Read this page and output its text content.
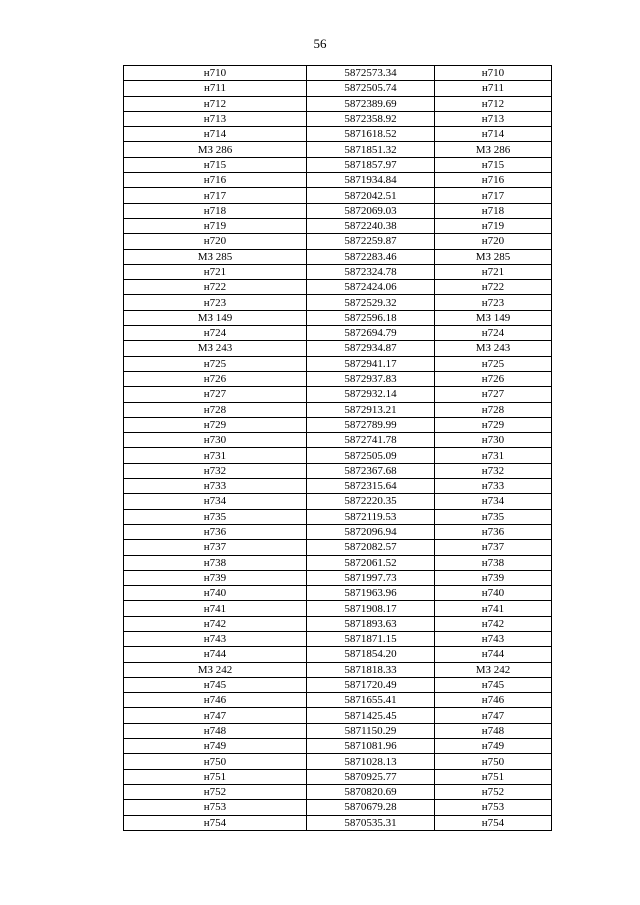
56
н710	5872573.34	н710
н711	5872505.74	н711
н712	5872389.69	н712
н713	5872358.92	н713
н714	5871618.52	н714
МЗ 286	5871851.32	МЗ 286
н715	5871857.97	н715
н716	5871934.84	н716
н717	5872042.51	н717
н718	5872069.03	н718
н719	5872240.38	н719
н720	5872259.87	н720
МЗ 285	5872283.46	МЗ 285
н721	5872324.78	н721
н722	5872424.06	н722
н723	5872529.32	н723
МЗ 149	5872596.18	МЗ 149
н724	5872694.79	н724
МЗ 243	5872934.87	МЗ 243
н725	5872941.17	н725
н726	5872937.83	н726
н727	5872932.14	н727
н728	5872913.21	н728
н729	5872789.99	н729
н730	5872741.78	н730
н731	5872505.09	н731
н732	5872367.68	н732
н733	5872315.64	н733
н734	5872220.35	н734
н735	5872119.53	н735
н736	5872096.94	н736
н737	5872082.57	н737
н738	5872061.52	н738
н739	5871997.73	н739
н740	5871963.96	н740
н741	5871908.17	н741
н742	5871893.63	н742
н743	5871871.15	н743
н744	5871854.20	н744
МЗ 242	5871818.33	МЗ 242
н745	5871720.49	н745
н746	5871655.41	н746
н747	5871425.45	н747
н748	5871150.29	н748
н749	5871081.96	н749
н750	5871028.13	н750
н751	5870925.77	н751
н752	5870820.69	н752
н753	5870679.28	н753
н754	5870535.31	н754
